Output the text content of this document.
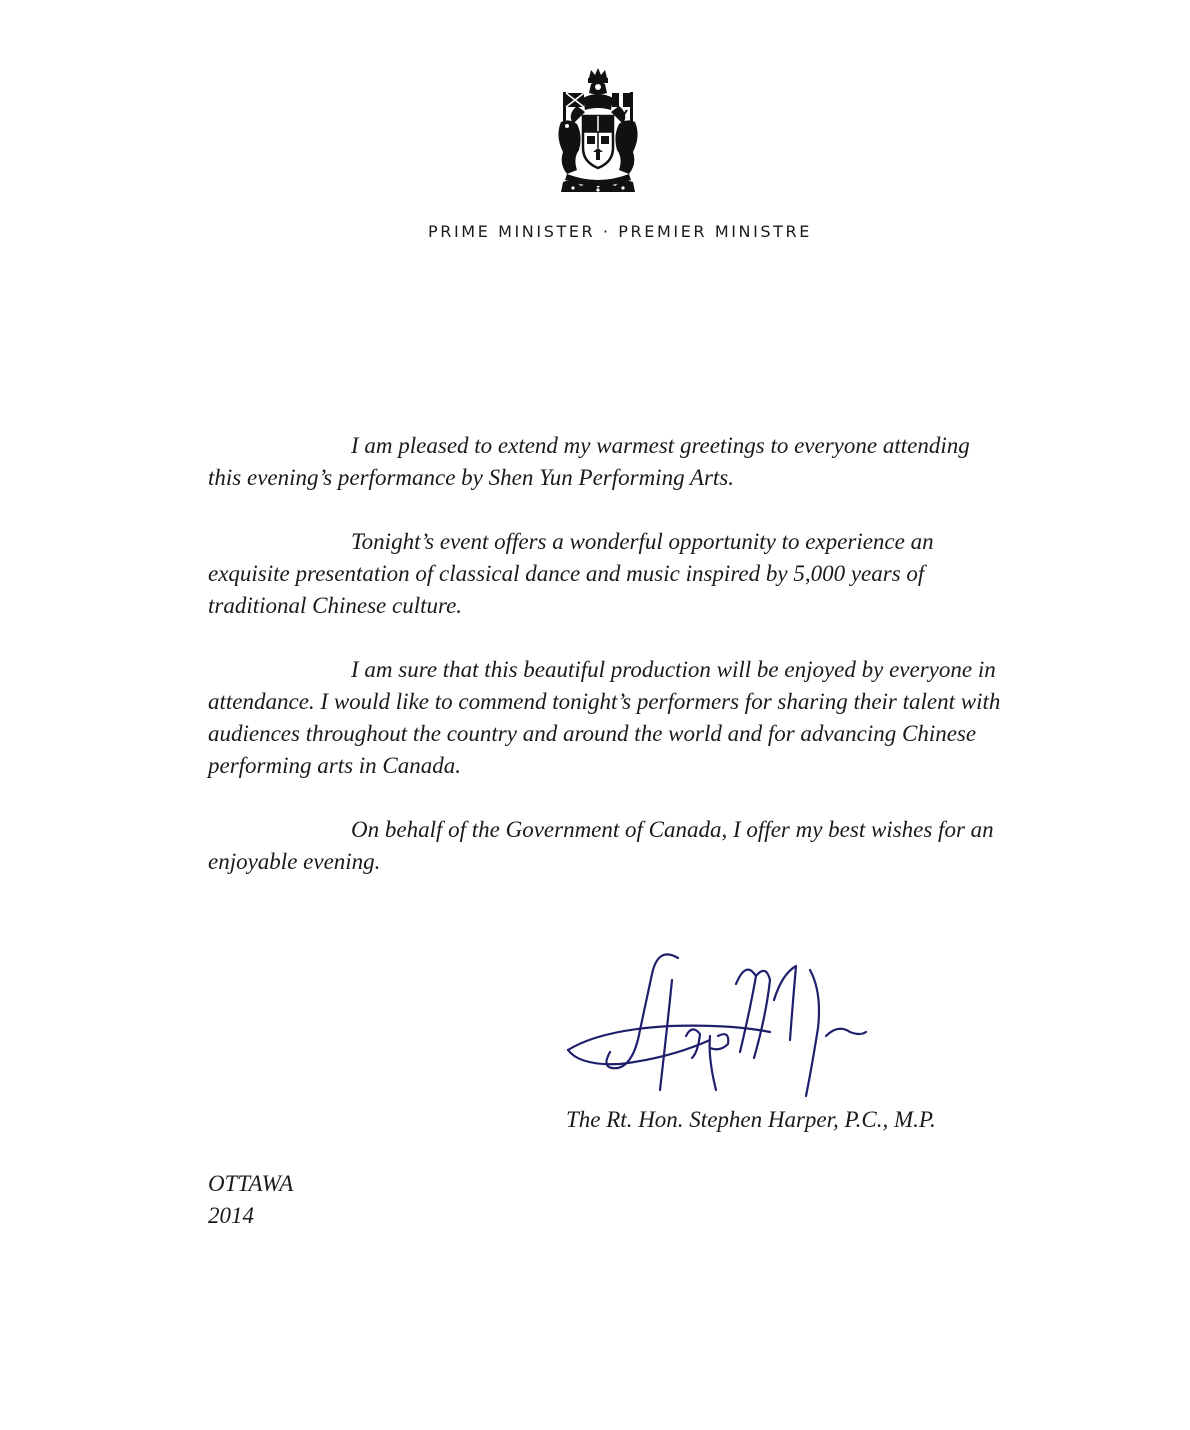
PRIME MINISTER · PREMIER MINISTRE

I am pleased to extend my warmest greetings to everyone attending this evening’s performance by Shen Yun Performing Arts.

Tonight’s event offers a wonderful opportunity to experience an exquisite presentation of classical dance and music inspired by 5,000 years of traditional Chinese culture.

I am sure that this beautiful production will be enjoyed by everyone in attendance. I would like to commend tonight’s performers for sharing their talent with audiences throughout the country and around the world and for advancing Chinese performing arts in Canada.

On behalf of the Government of Canada, I offer my best wishes for an enjoyable evening.

The Rt. Hon. Stephen Harper, P.C., M.P.
OTTAWA
2014
